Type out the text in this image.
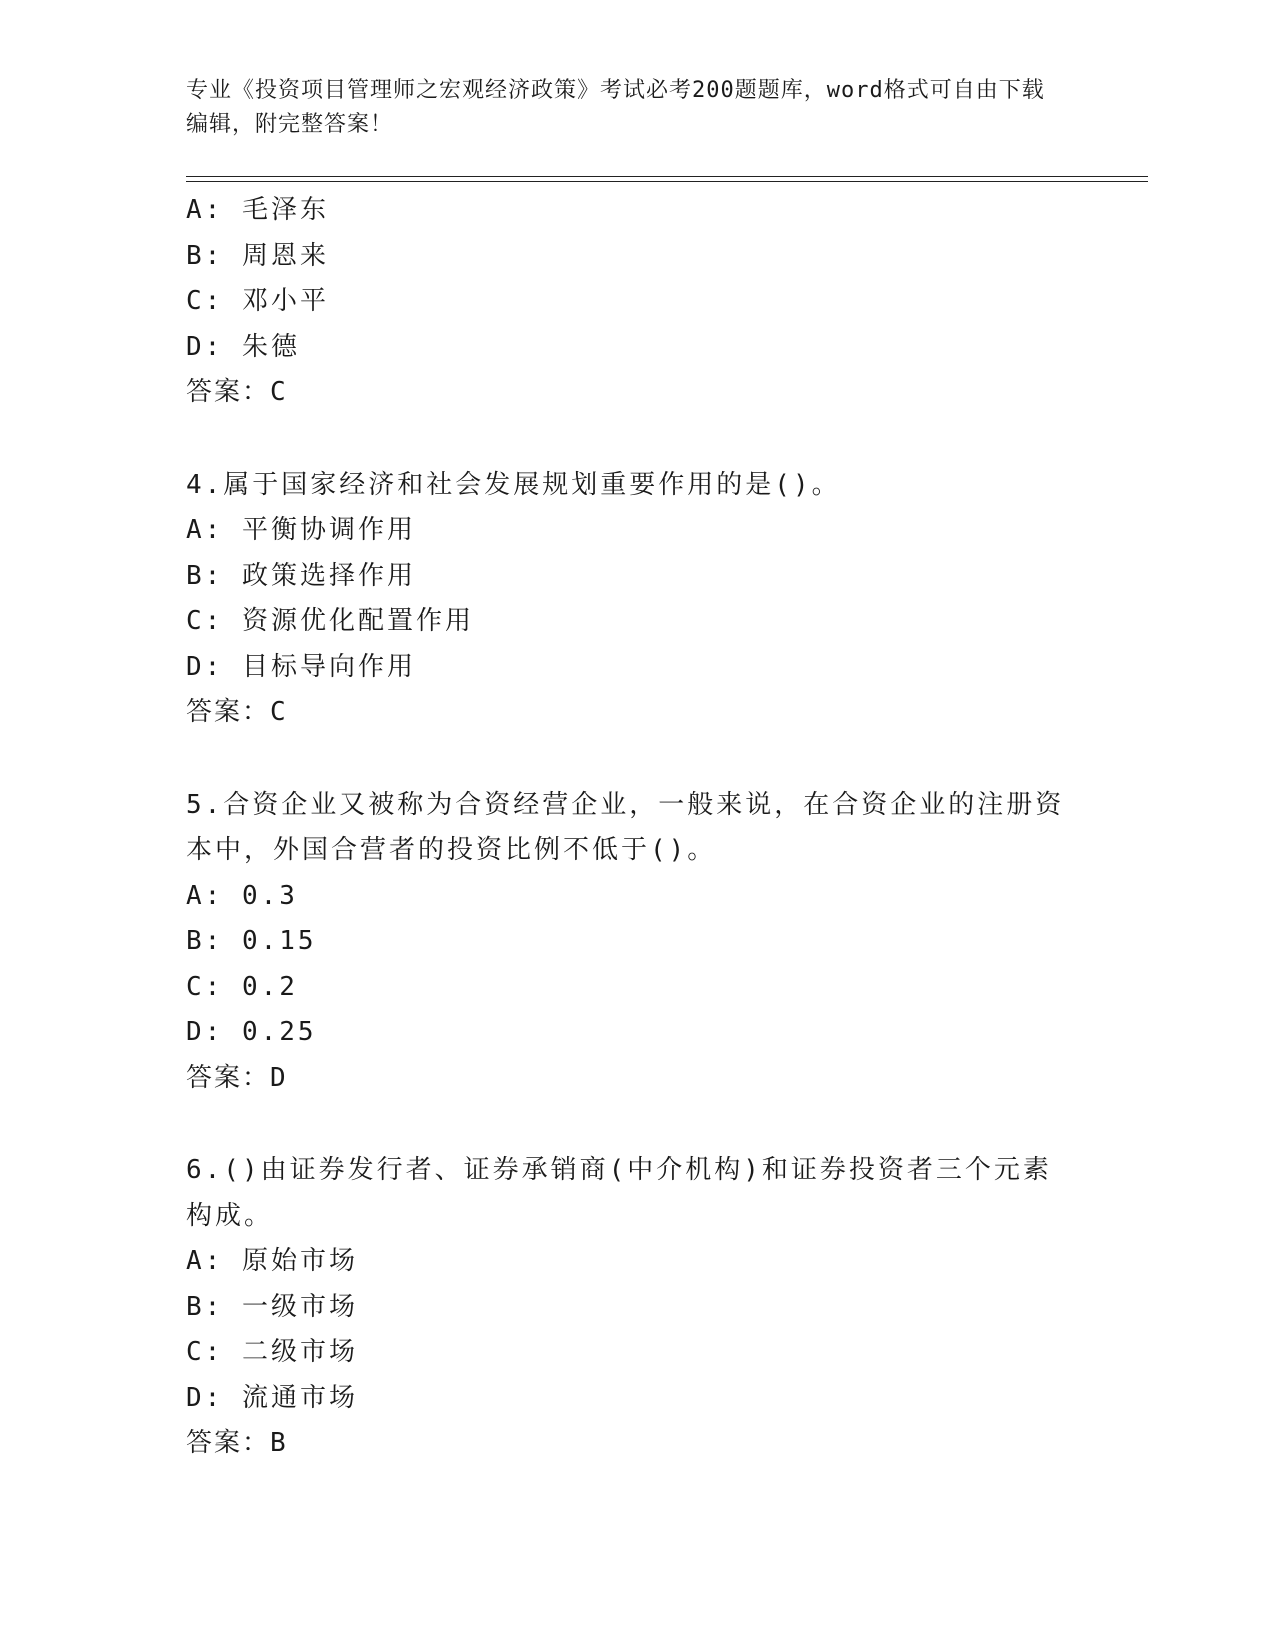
专业《投资项目管理师之宏观经济政策》考试必考200题题库，word格式可自由下载编辑，附完整答案！
A: 毛泽东
B: 周恩来
C: 邓小平
D: 朱德
答案：C
4.属于国家经济和社会发展规划重要作用的是()。
A: 平衡协调作用
B: 政策选择作用
C: 资源优化配置作用
D: 目标导向作用
答案：C
5.合资企业又被称为合资经营企业，一般来说，在合资企业的注册资本中，外国合营者的投资比例不低于()。
A: 0.3
B: 0.15
C: 0.2
D: 0.25
答案：D
6.()由证券发行者、证券承销商(中介机构)和证券投资者三个元素构成。
A: 原始市场
B: 一级市场
C: 二级市场
D: 流通市场
答案：B
